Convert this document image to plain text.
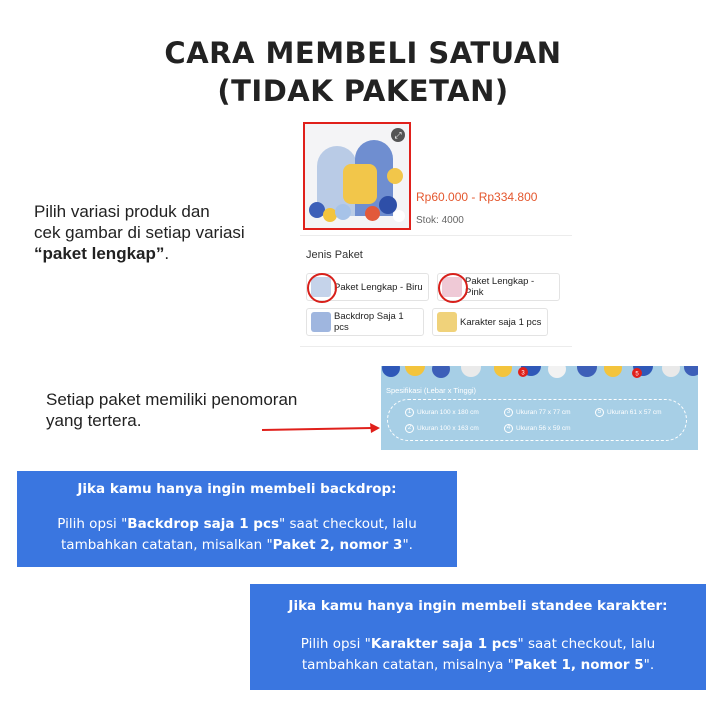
CARA MEMBELI SATUAN
(TIDAK PAKETAN)
Pilih variasi produk dan
cek gambar di setiap variasi
“paket lengkap”.
⤢
Rp60.000 - Rp334.800
Stok: 4000
Jenis Paket
Paket Lengkap - Biru	Paket Lengkap - Pink
Backdrop Saja 1 pcs	Karakter saja 1 pcs
Setiap paket memiliki penomoran
yang tertera.
3	5
Spesifikasi (Lebar x Tinggi)
1 Ukuran 100 x 180 cm	3 Ukuran 77 x 77 cm	5 Ukuran 61 x 57 cm
2 Ukuran 100 x 163 cm	4 Ukuran 56 x 59 cm
Jika kamu hanya ingin membeli backdrop:
Pilih opsi "Backdrop saja 1 pcs" saat checkout, lalu
tambahkan catatan, misalkan "Paket 2, nomor 3".
Jika kamu hanya ingin membeli standee karakter:
Pilih opsi "Karakter saja 1 pcs" saat checkout, lalu
tambahkan catatan, misalnya "Paket 1, nomor 5".
